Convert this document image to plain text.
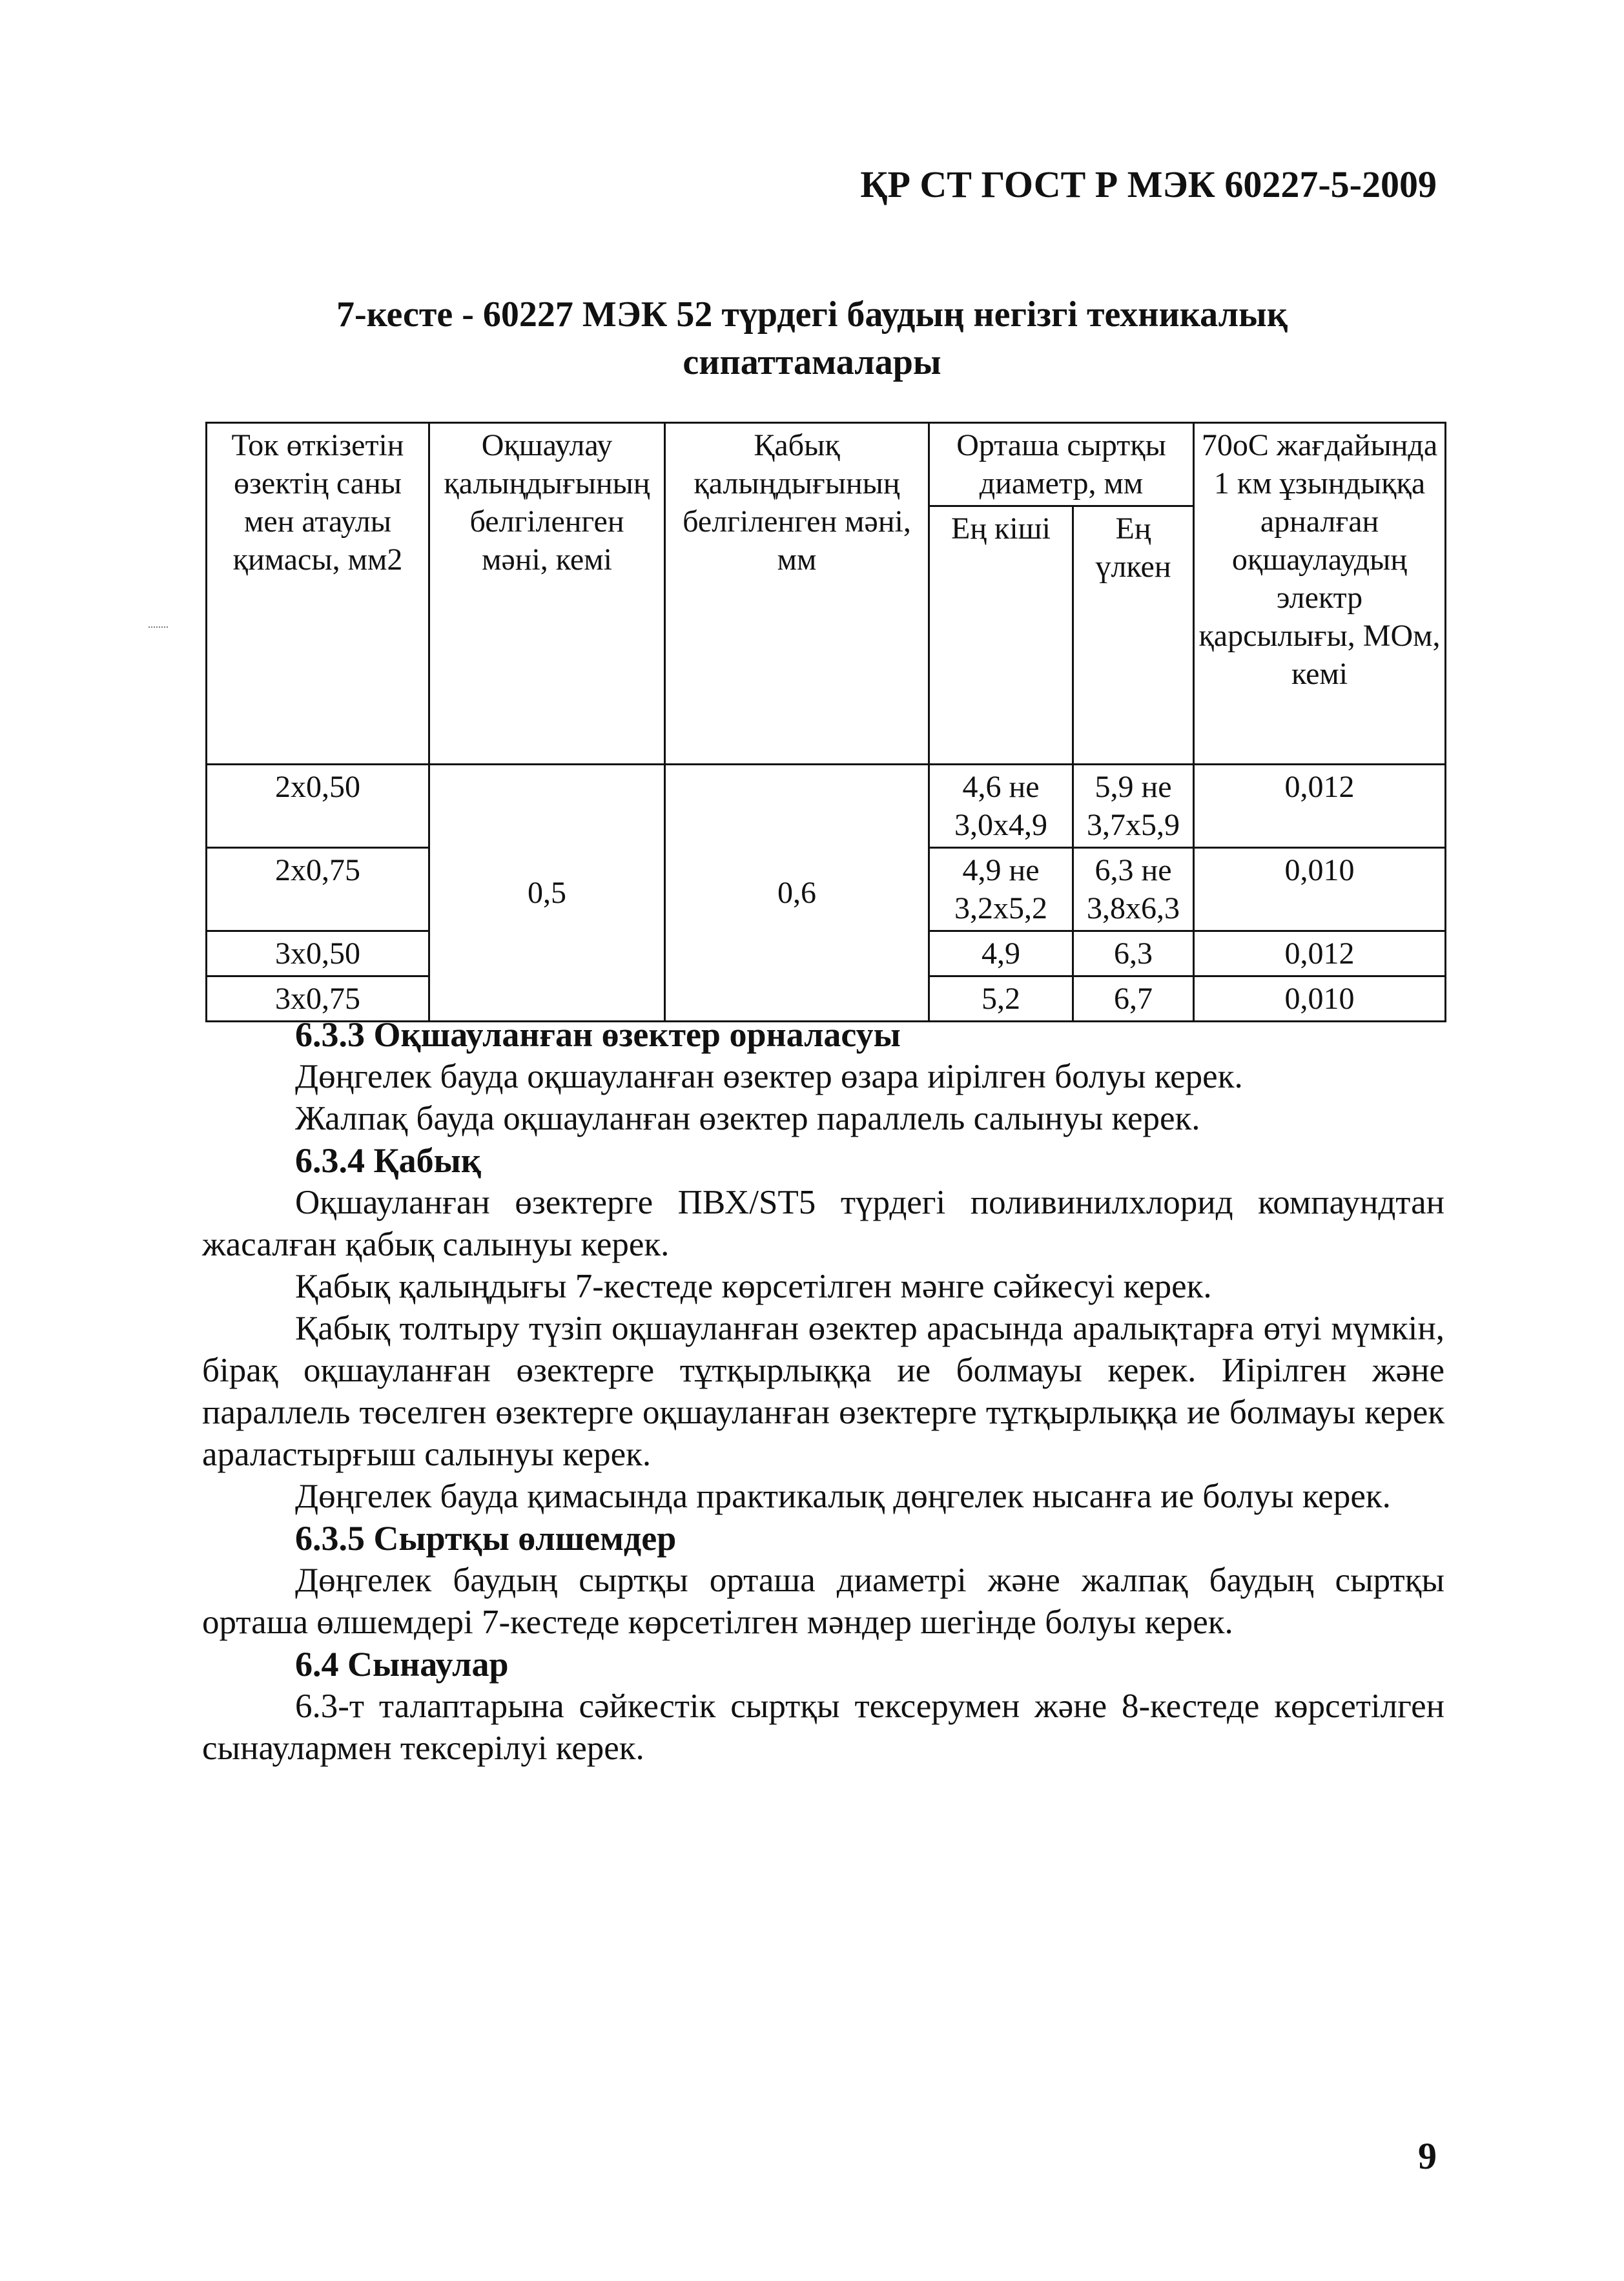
ҚР СТ ГОСТ Р МЭК 60227-5-2009
7-кесте - 60227 МЭК 52 түрдегі баудың негізгі техникалық
сипаттамалары
Ток өткізетін өзектің саны мен атаулы қимасы, мм2	Оқшаулау қалыңдығының белгіленген мәні, кемі	Қабық қалыңдығының белгіленген мәні, мм	Орташа сыртқы диаметр, мм		70оС жағдайында 1 км ұзындыққа арналған оқшаулаудың электр қарсылығы, МОм, кемі
			Ең кіші	Ең үлкен	
2х0,50	0,5	0,6	4,6 не 3,0х4,9	5,9 не 3,7х5,9	0,012
2х0,75			4,9 не 3,2х5,2	6,3 не 3,8х6,3	0,010
3х0,50			4,9	6,3	0,012
3х0,75			5,2	6,7	0,010
6.3.3 Оқшауланған өзектер орналасуы

Дөңгелек бауда оқшауланған өзектер өзара иірілген болуы керек.

Жалпақ бауда оқшауланған өзектер параллель салынуы керек.

6.3.4 Қабық

Оқшауланған өзектерге ПВХ/ST5 түрдегі поливинилхлорид компаундтан жасалған қабық салынуы керек.

Қабық қалыңдығы 7-кестеде көрсетілген мәнге сәйкесуі керек.

Қабық толтыру түзіп оқшауланған өзектер арасында аралықтарға өтуі мүмкін, бірақ оқшауланған өзектерге тұтқырлыққа ие болмауы керек. Иірілген және параллель төселген өзектерге оқшауланған өзектерге тұтқырлыққа ие болмауы керек араластырғыш салынуы керек.

Дөңгелек бауда қимасында практикалық дөңгелек нысанға ие болуы керек.

6.3.5 Сыртқы өлшемдер

Дөңгелек баудың сыртқы орташа диаметрі және жалпақ баудың сыртқы орташа өлшемдері 7-кестеде көрсетілген мәндер шегінде болуы керек.

6.4 Сынаулар

6.3-т талаптарына сәйкестік сыртқы тексерумен және 8-кестеде көрсетілген сынаулармен тексерілуі керек.

9
